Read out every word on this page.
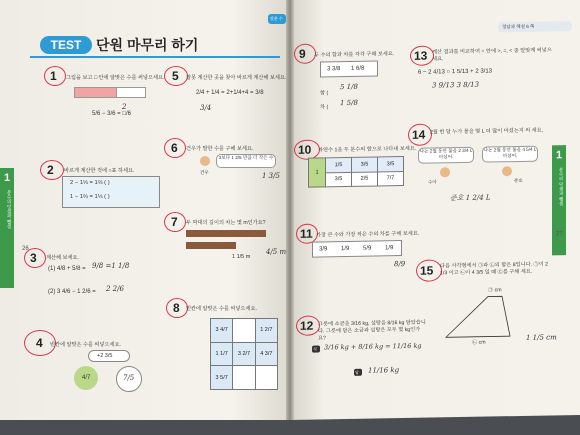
TEST	단원 마무리 하기
맞춘 수
1
분수의 덧셈과 뺄셈
26
1 그림을 보고 □ 안에 알맞은 수를 써넣으세요.
5/6 − 3/6 = □/6
2
2 바르게 계산한 것에 ○표 하세요.
2 − 1⅓ = 1⅔ ( )
1 − 1⅔ = 1⅓ ( )
3 계산해 보세요.
(1) 4/8 + 5/8 = 9/8 =1 1/8
(2) 3 4/6 − 1 2/6 = 2 2/6
4 빈칸에 알맞은 수를 써넣으세요.
+2 3/5
4/7	7/5
5 잘못 계산한 곳을 찾아 바르게 계산해 보세요.
2/4 + 1/4 = 2+1/4+4 = 3/8
3/4
6 건우가 말한 수를 구해 보세요.
건우
3보다 1 2/5 만큼 더 작은 수
1 3/5
7 두 막대의 길이의 차는 몇 m인가요?
1 1/5 m
4/5 m
8 빈칸에 알맞은 수를 써넣으세요.
3 4/7		1 2/7
1 1/7	3 2/7	4 3/7
3 5/7		
정답과 해설 6 쪽
1
분수의 덧셈과 뺄셈
27
9 두 수의 합과 차를 각각 구해 보세요.
3 3/8 1 6/8
합 (
5 1/8
차 (
1 5/8
10 자연수 1을 두 분수의 합으로 나타내 보세요.
1	1/5	3/5	3/5
	3/5	2/5	7/7
11 가장 큰 수와 가장 작은 수의 차를 구해 보세요.
3/9 1/9 5/9 1/9
8/9
12 그릇에 소금을 3/16 kg, 설탕을 8/16 kg 담았습니다. 그릇에 담은 소금과 설탕은 모두 몇 kg인가요?
식 3/16 kg + 8/16 kg = 11/16 kg
답 11/16 kg
13 계산 결과를 비교하여 ○ 안에 >, =, < 중 알맞게 써넣으세요.
6 − 2 4/13 ○ 1 5/13 + 2 3/13
3 9/13 3 8/13
14 2월 한 달 누가 물을 몇 L 더 많이 마셨는지 써 세요.
나는 2월 동안 물을 2 3/4 L 마셨어.
나는 2월 동안 물을 4 5/4 L 마셨어.
수아	준호
준호 1 2/4 L
15 다음 사각형에서 ㉠과 ㉡의 합은 8입니다. ㉠이 2 1/3 이고 ㉡이 4 3/5 일 때 ㉢를 구해 세요.
㉠ cm
㉡ cm
1 1/5 cm
